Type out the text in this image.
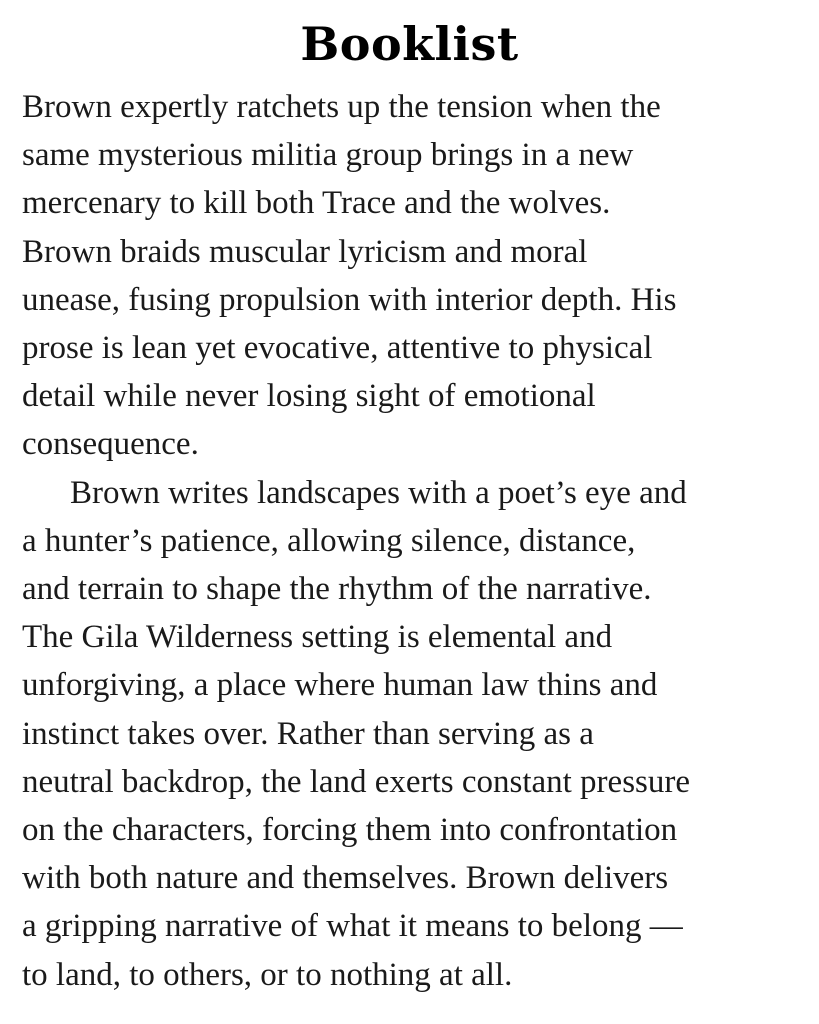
Booklist
Brown expertly ratchets up the tension when the
same mysterious militia group brings in a new
mercenary to kill both Trace and the wolves.
Brown braids muscular lyricism and moral
unease, fusing propulsion with interior depth. His
prose is lean yet evocative, attentive to physical
detail while never losing sight of emotional
consequence.
Brown writes landscapes with a poet’s eye and
a hunter’s patience, allowing silence, distance,
and terrain to shape the rhythm of the narrative.
The Gila Wilderness setting is elemental and
unforgiving, a place where human law thins and
instinct takes over. Rather than serving as a
neutral backdrop, the land exerts constant pressure
on the characters, forcing them into confrontation
with both nature and themselves. Brown delivers
a gripping narrative of what it means to belong —
to land, to others, or to nothing at all.
